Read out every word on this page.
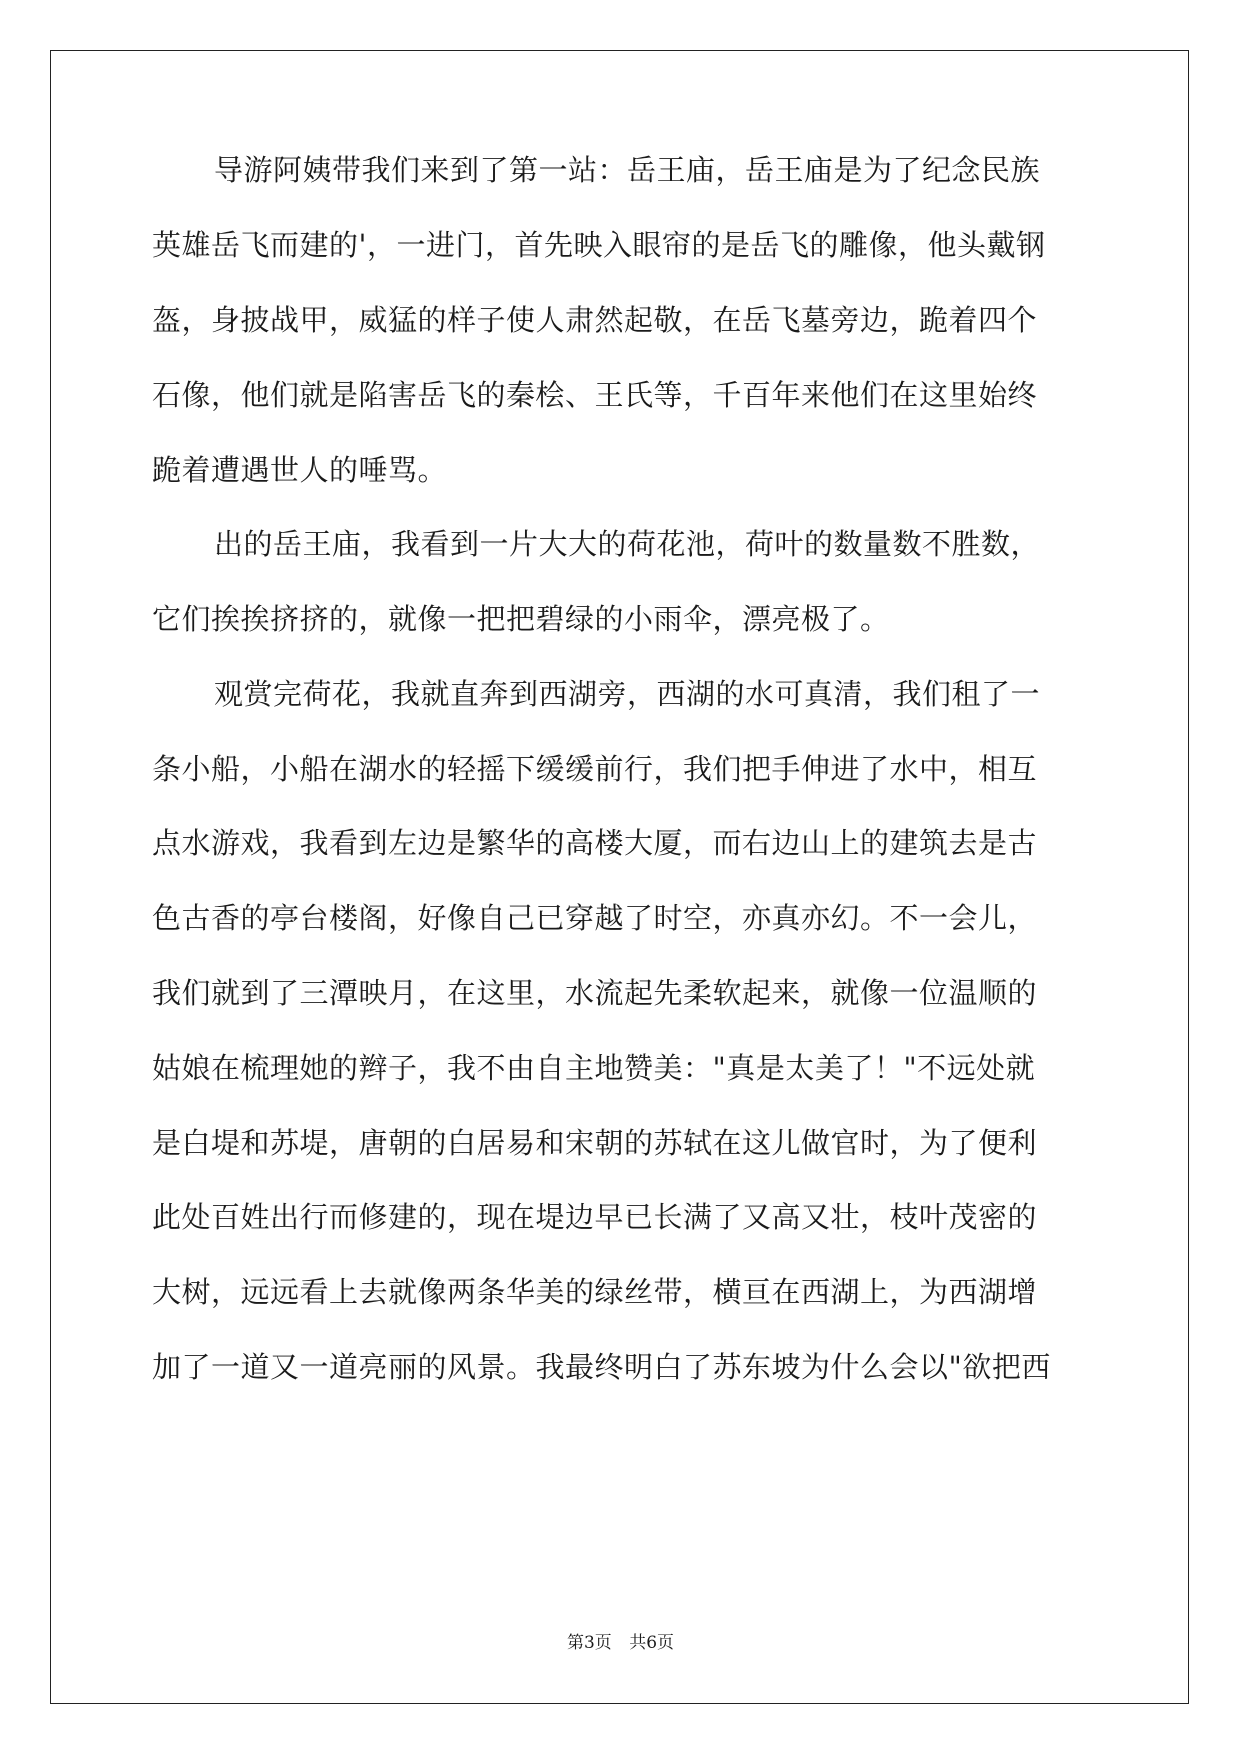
导游阿姨带我们来到了第一站：岳王庙，岳王庙是为了纪念民族
英雄岳飞而建的'，一进门，首先映入眼帘的是岳飞的雕像，他头戴钢
盔，身披战甲，威猛的样子使人肃然起敬，在岳飞墓旁边，跪着四个
石像，他们就是陷害岳飞的秦桧、王氏等，千百年来他们在这里始终
跪着遭遇世人的唾骂。
出的岳王庙，我看到一片大大的荷花池，荷叶的数量数不胜数，
它们挨挨挤挤的，就像一把把碧绿的小雨伞，漂亮极了。
观赏完荷花，我就直奔到西湖旁，西湖的水可真清，我们租了一
条小船，小船在湖水的轻摇下缓缓前行，我们把手伸进了水中，相互
点水游戏，我看到左边是繁华的高楼大厦，而右边山上的建筑去是古
色古香的亭台楼阁，好像自己已穿越了时空，亦真亦幻。不一会儿，
我们就到了三潭映月，在这里，水流起先柔软起来，就像一位温顺的
姑娘在梳理她的辫子，我不由自主地赞美："真是太美了！"不远处就
是白堤和苏堤，唐朝的白居易和宋朝的苏轼在这儿做官时，为了便利
此处百姓出行而修建的，现在堤边早已长满了又高又壮，枝叶茂密的
大树，远远看上去就像两条华美的绿丝带，横亘在西湖上，为西湖增
加了一道又一道亮丽的风景。我最终明白了苏东坡为什么会以"欲把西
第3页 共6页
